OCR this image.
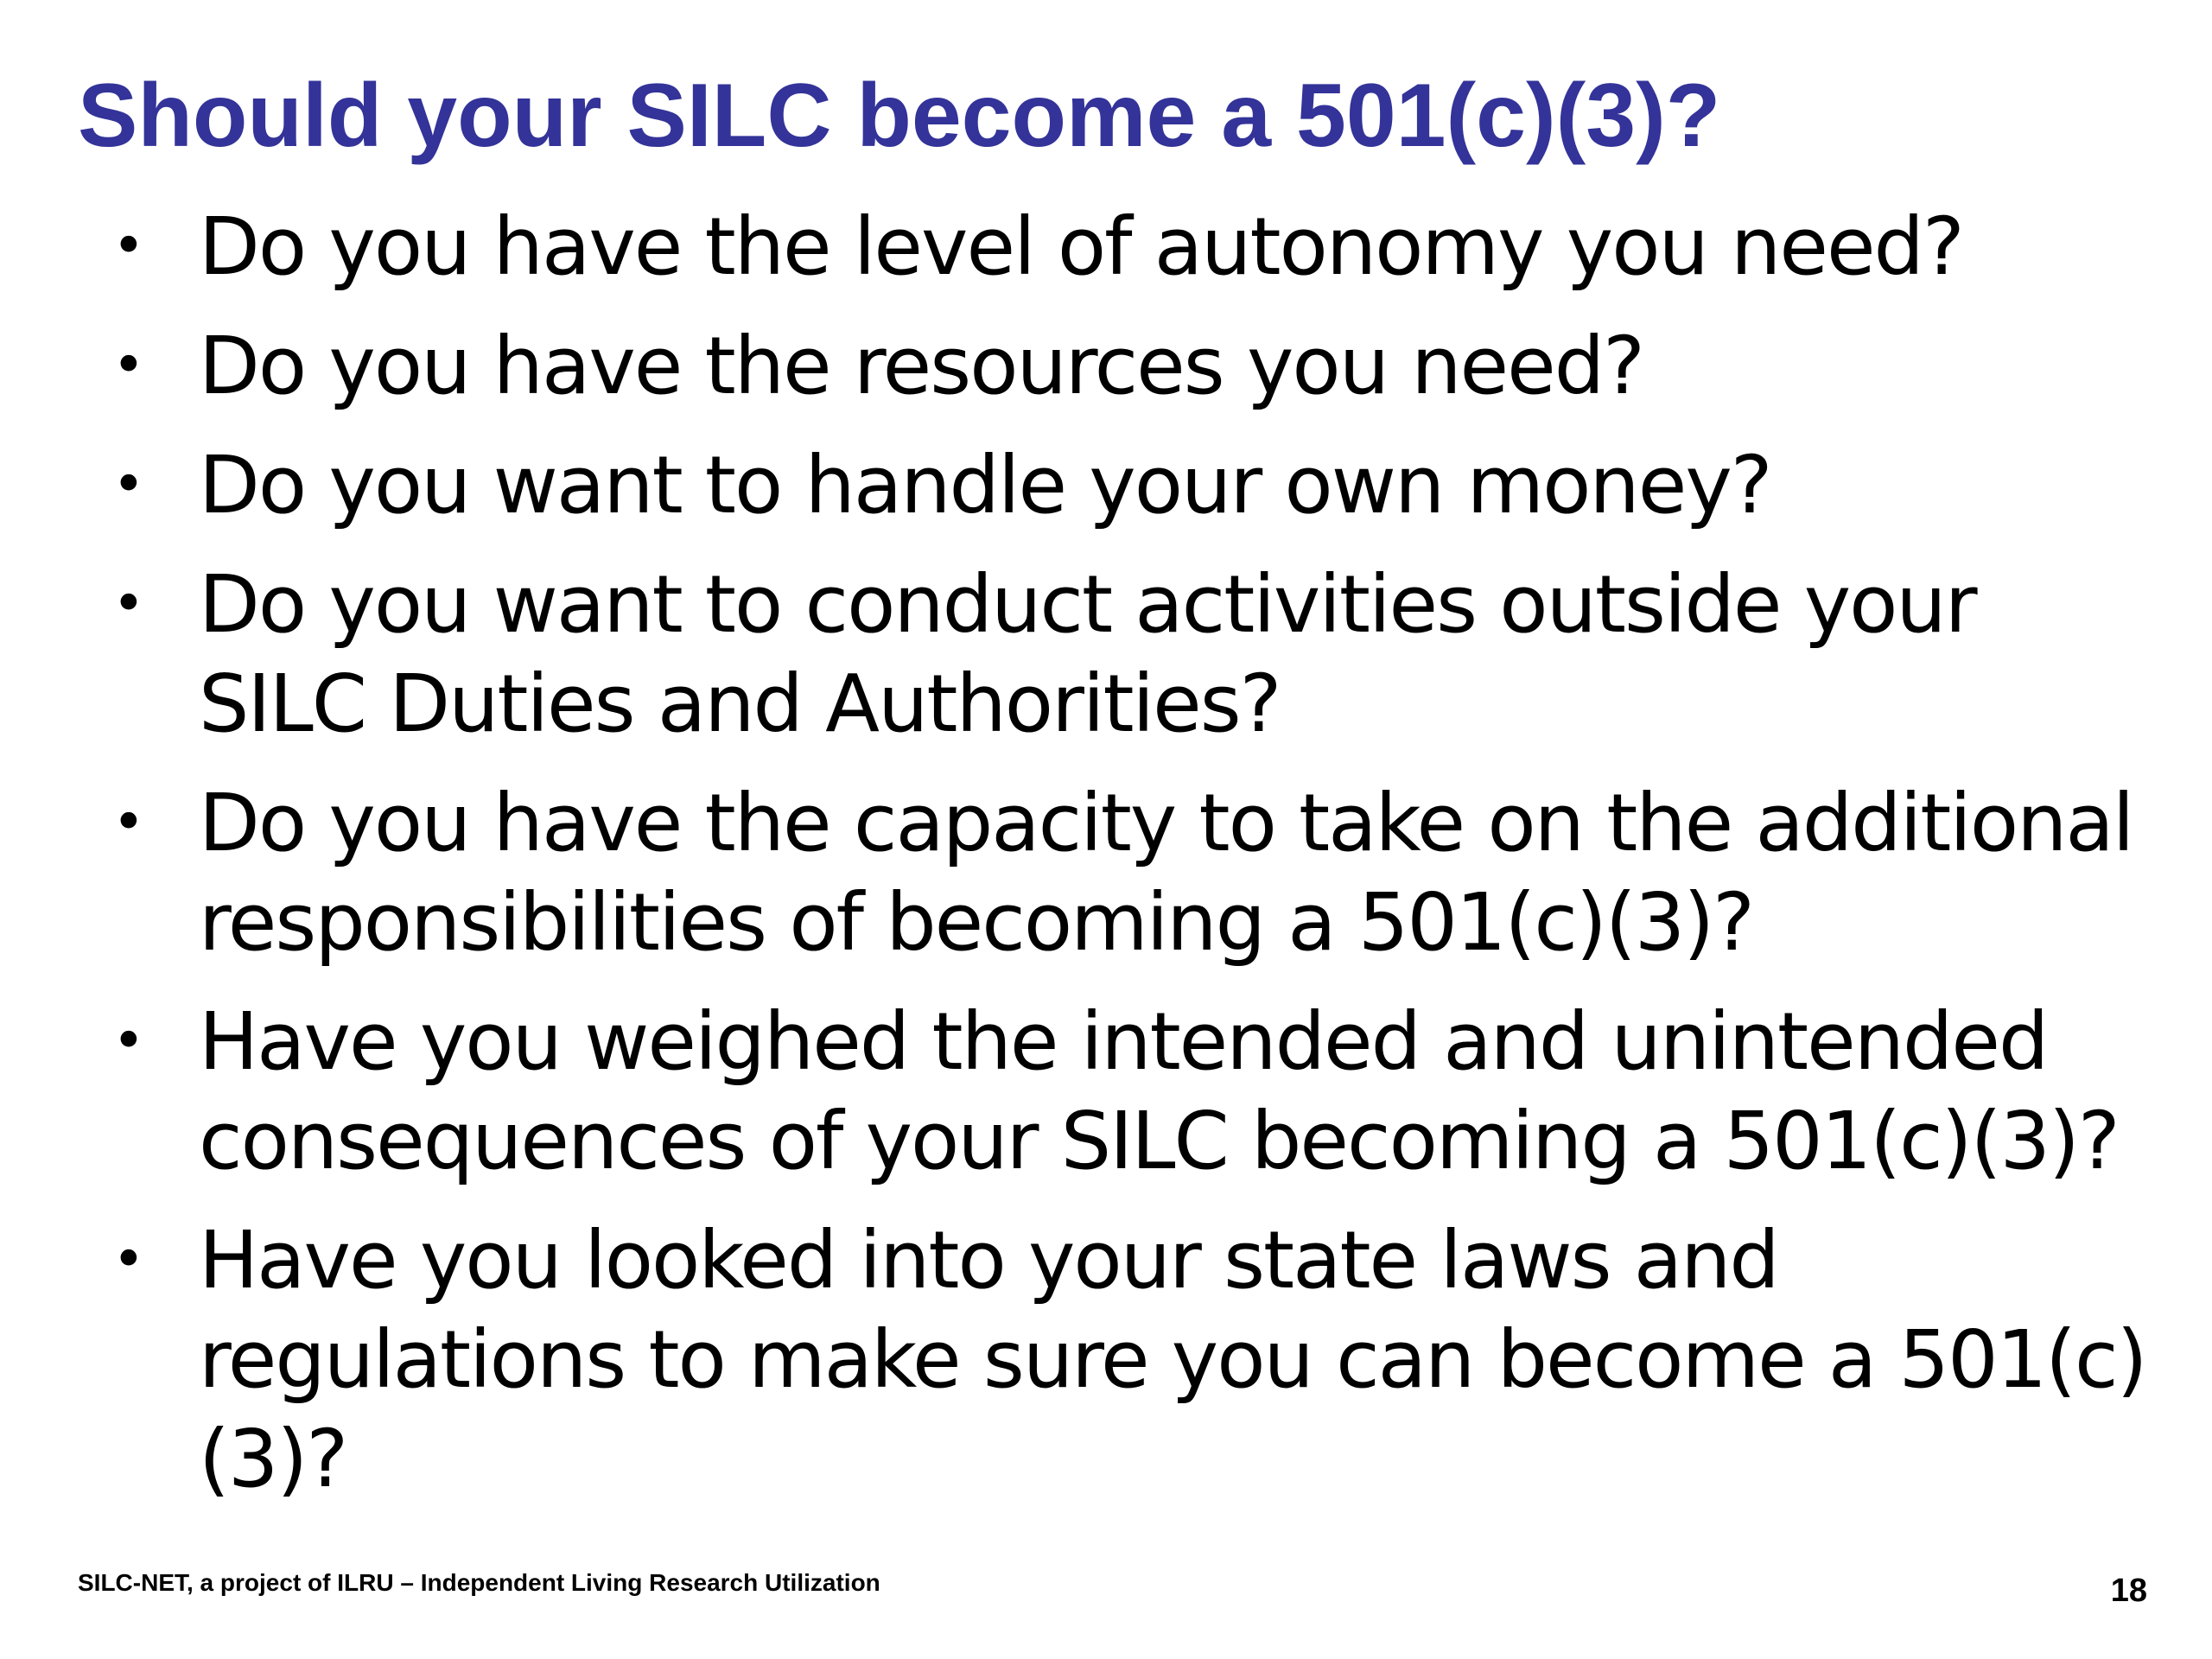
Should your SILC become a 501(c)(3)?
• Do you have the level of autonomy you need?
• Do you have the resources you need?
• Do you want to handle your own money?
• Do you want to conduct activities outside your SILC Duties and Authorities?
• Do you have the capacity to take on the additional responsibilities of becoming a 501(c)(3)?
• Have you weighed the intended and unintended consequences of your SILC becoming a 501(c)(3)?
• Have you looked into your state laws and regulations to make sure you can become a 501(c)(3)?
SILC-NET, a project of ILRU – Independent Living Research Utilization	18
